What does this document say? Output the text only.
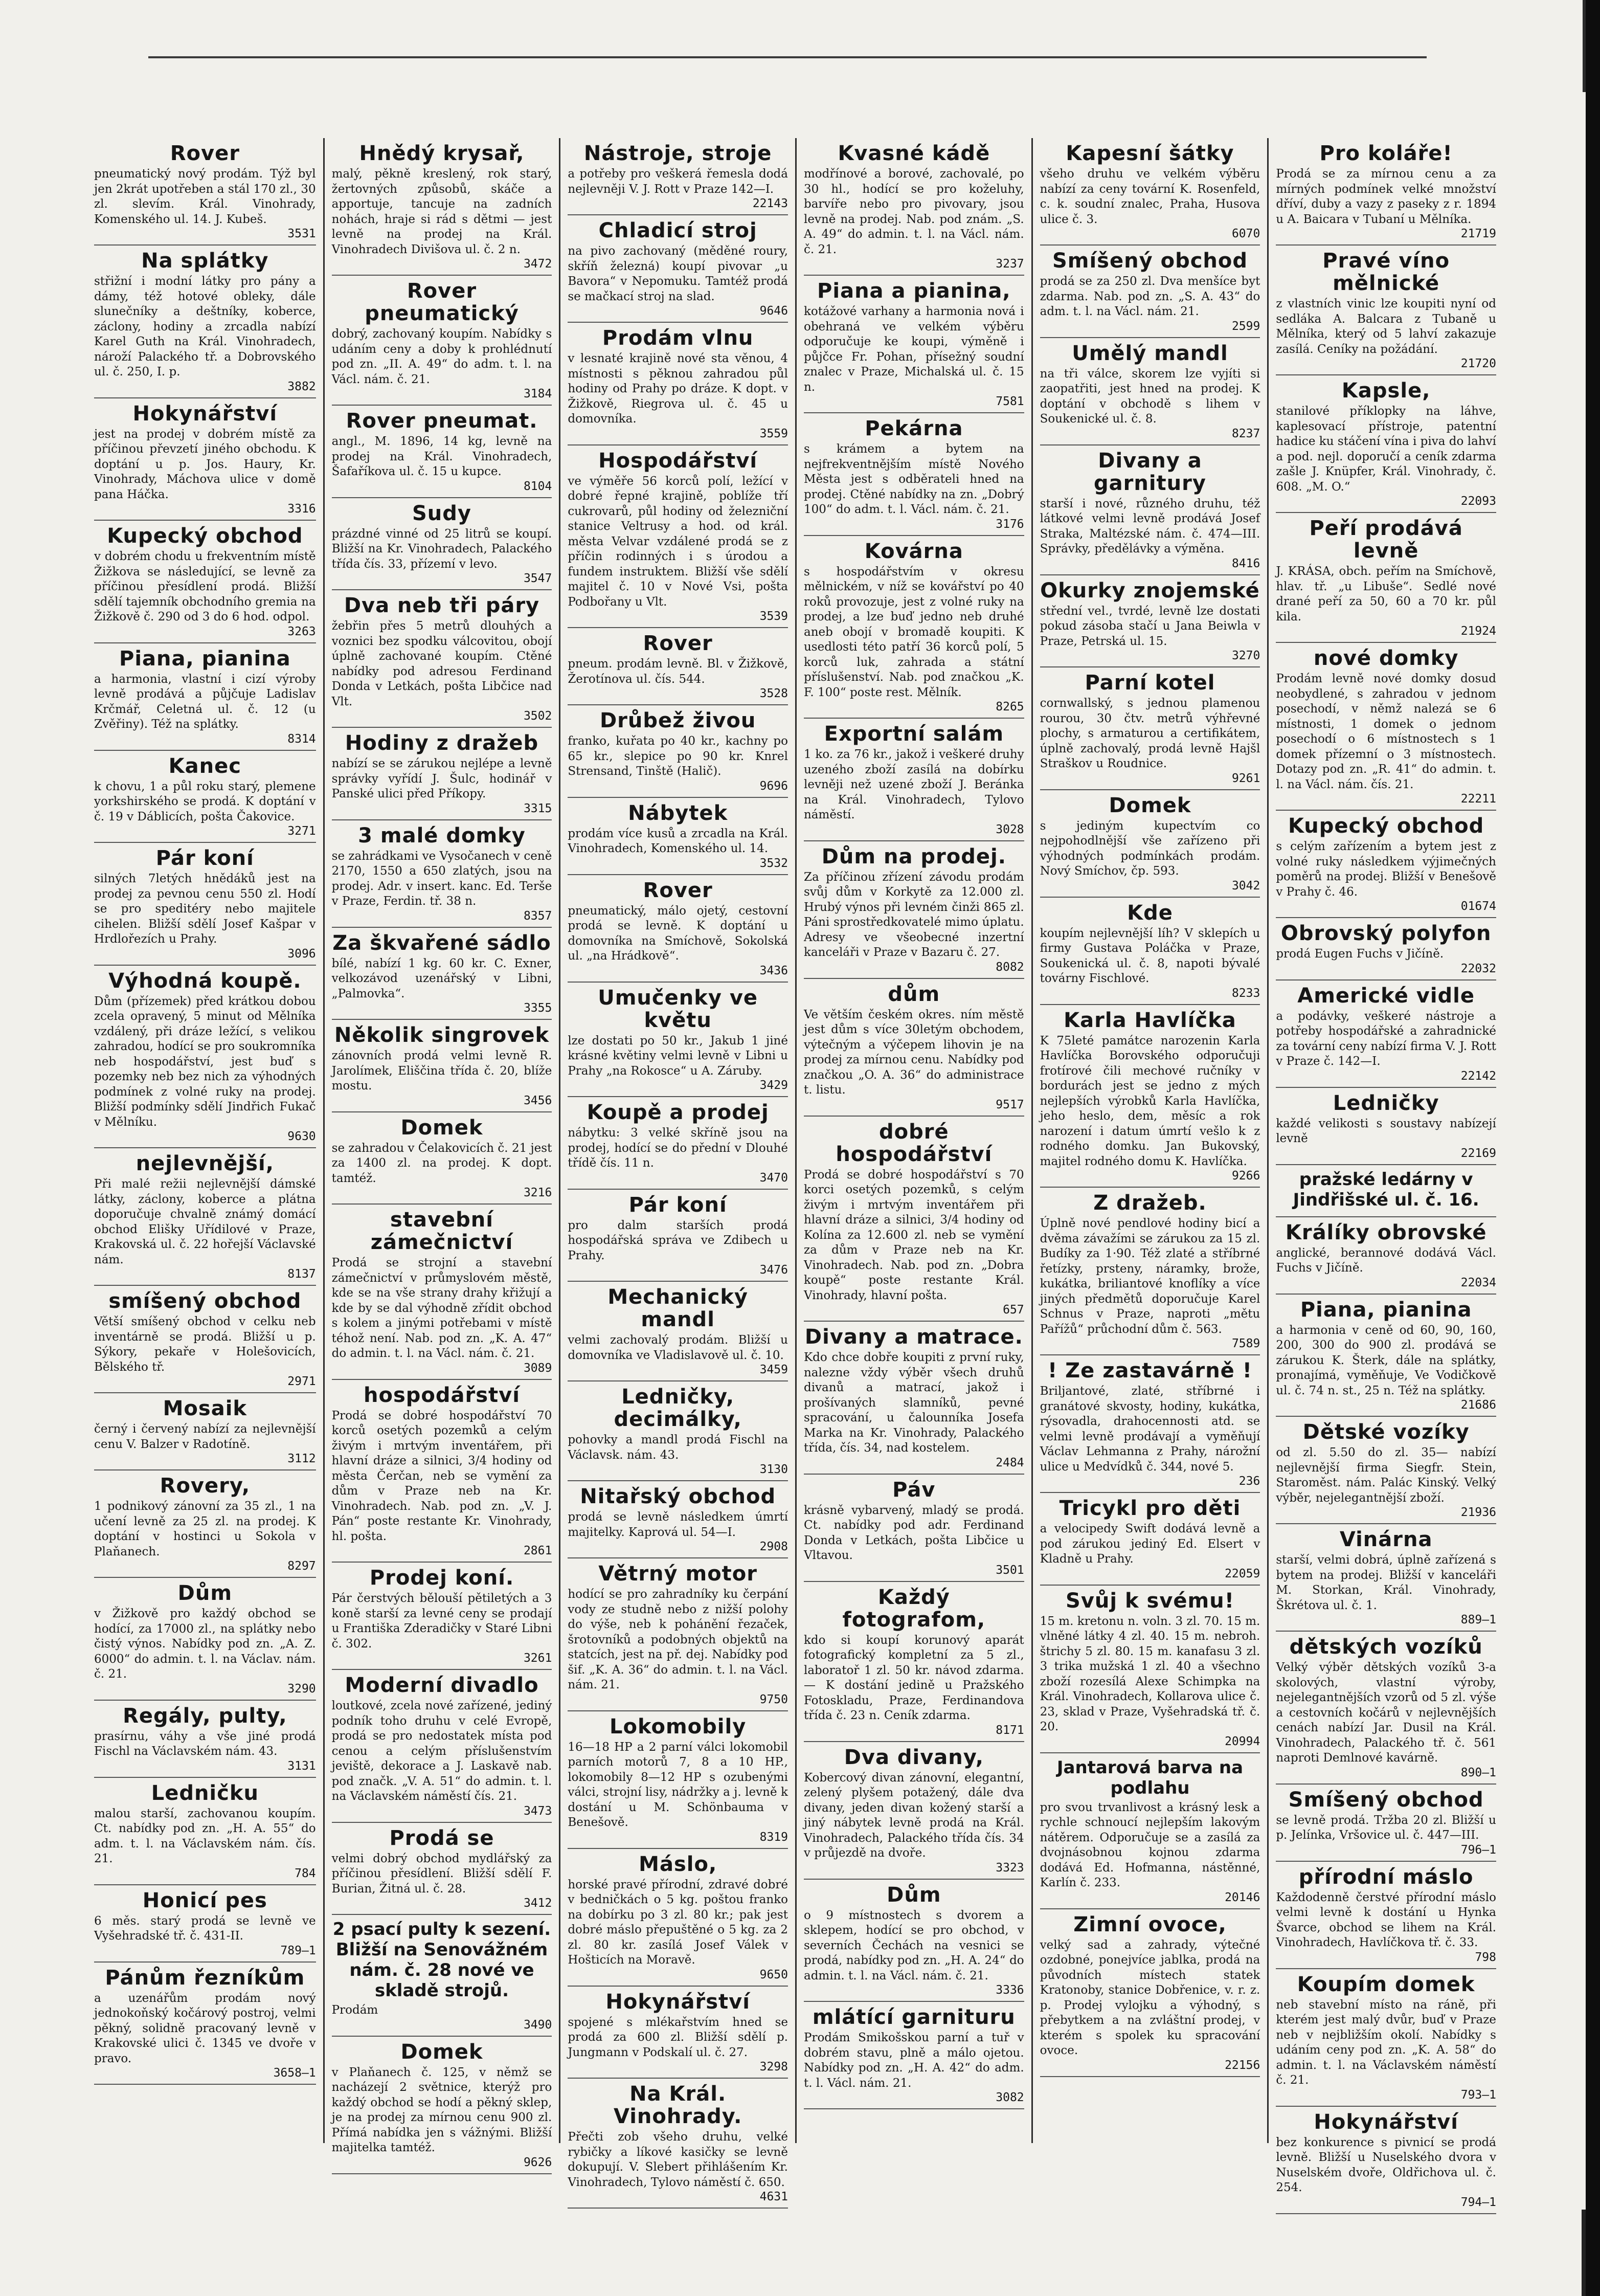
Rover

pneumatický nový prodám. Týž byl jen 2krát upotřeben a stál 170 zl., 30 zl. slevím. Král. Vinohrady, Komenského ul. 14. J. Kubeš.

3531
Na splátky

střižní i modní látky pro pány a dámy, též hotové obleky, dále slunečníky a deštníky, koberce, záclony, hodiny a zrcadla nabízí Karel Guth na Král. Vinohradech, nároží Palackého tř. a Dobrovského ul. č. 250, I. p.

3882
Hokynářství

jest na prodej v dobrém místě za příčinou převzetí jiného obchodu. K doptání u p. Jos. Haury, Kr. Vinohrady, Máchova ulice v domě pana Háčka.

3316
Kupecký obchod

v dobrém chodu u frekventním místě Žižkova se následující, se levně za příčinou přesídlení prodá. Bližší sdělí tajemník obchodního gremia na Žižkově č. 290 od 3 do 6 hod. odpol.

3263
Piana, pianina

a harmonia, vlastní i cizí výroby levně prodává a půjčuje Ladislav Krčmář, Celetná ul. č. 12 (u Zvěřiny). Též na splátky.

8314
Kanec

k chovu, 1 a půl roku starý, plemene yorkshirského se prodá. K doptání v č. 19 v Dáblicích, pošta Čakovice.

3271
Pár koní

silných 7letých hnědáků jest na prodej za pevnou cenu 550 zl. Hodí se pro speditéry nebo majitele cihelen. Bližší sdělí Josef Kašpar v Hrdlořezích u Prahy.

3096
Výhodná koupě.

Dům (přízemek) před krátkou dobou zcela opravený, 5 minut od Mělníka vzdálený, při dráze ležící, s velikou zahradou, hodící se pro soukromníka neb hospodářství, jest buď s pozemky neb bez nich za výhodných podmínek z volné ruky na prodej. Bližší podmínky sdělí Jindřich Fukač v Mělníku.

9630
nejlevnější,

Při malé režii nejlevnější dámské látky, záclony, koberce a plátna doporučuje chvalně známý domácí obchod Elišky Uřídilové v Praze, Krakovská ul. č. 22 hořejší Václavské nám.

8137
smíšený obchod

Větší smíšený obchod v celku neb inventárně se prodá. Bližší u p. Sýkory, pekaře v Holešovicích, Bělského tř.

2971
Mosaik

černý i červený nabízí za nejlevnější cenu V. Balzer v Radotíně.

3112
Rovery,

1 podnikový zánovní za 35 zl., 1 na učení levně za 25 zl. na prodej. K doptání v hostinci u Sokola v Plaňanech.

8297
Dům

v Žižkově pro každý obchod se hodící, za 17000 zl., na splátky nebo čistý výnos. Nabídky pod zn. „A. Z. 6000“ do admin. t. l. na Václav. nám. č. 21.

3290
Regály, pulty,

prasírnu, váhy a vše jiné prodá Fischl na Václavském nám. 43.

3131
Ledničku

malou starší, zachovanou koupím. Ct. nabídky pod zn. „H. A. 55“ do adm. t. l. na Václavském nám. čís. 21.

784
Honicí pes

6 měs. starý prodá se levně ve Vyšehradské tř. č. 431-II.

789—1
Pánům řezníkům

a uzenářům prodám nový jednokoňský kočárový postroj, velmi pěkný, solidně pracovaný levně v Krakovské ulici č. 1345 ve dvoře v pravo.

3658—1
Hnědý krysař,

malý, pěkně kreslený, rok starý, žertovných způsobů, skáče a apportuje, tancuje na zadních nohách, hraje si rád s dětmi — jest levně na prodej na Král. Vinohradech Divišova ul. č. 2 n.

3472
Rover pneumatický

dobrý, zachovaný koupím. Nabídky s udáním ceny a doby k prohlédnutí pod zn. „II. A. 49“ do adm. t. l. na Václ. nám. č. 21.

3184
Rover pneumat.

angl., M. 1896, 14 kg, levně na prodej na Král. Vinohradech, Šafaříkova ul. č. 15 u kupce.

8104
Sudy

prázdné vinné od 25 litrů se koupí. Bližší na Kr. Vinohradech, Palackého třída čís. 33, přízemí v levo.

3547
Dva neb tři páry

žebřin přes 5 metrů dlouhých a voznici bez spodku válcovitou, obojí úplně zachované koupím. Ctěné nabídky pod adresou Ferdinand Donda v Letkách, pošta Libčice nad Vlt.

3502
Hodiny z dražeb

nabízí se se zárukou nejlépe a levně správky vyřídí J. Šulc, hodinář v Panské ulici před Příkopy.

3315
3 malé domky

se zahrádkami ve Vysočanech v ceně 2170, 1550 a 650 zlatých, jsou na prodej. Adr. v insert. kanc. Ed. Terše v Praze, Ferdin. tř. 38 n.

8357
Za škvařené sádlo

bílé, nabízí 1 kg. 60 kr. C. Exner, velkozávod uzenářský v Libni, „Palmovka“.

3355
Několik singrovek

zánovních prodá velmi levně R. Jarolímek, Eliščina třída č. 20, blíže mostu.

3456
Domek

se zahradou v Čelakovicích č. 21 jest za 1400 zl. na prodej. K dopt. tamtéž.

3216
stavební zámečnictví

Prodá se strojní a stavební zámečnictví v průmyslovém městě, kde se na vše strany drahy křižují a kde by se dal výhodně zřídit obchod s kolem a jinými potřebami v místě téhož není. Nab. pod zn. „K. A. 47“ do admin. t. l. na Václ. nám. č. 21.

3089
hospodářství

Prodá se dobré hospodářství 70 korců osetých pozemků a celým živým i mrtvým inventářem, při hlavní dráze a silnici, 3/4 hodiny od města Čerčan, neb se vymění za dům v Praze neb na Kr. Vinohradech. Nab. pod zn. „V. J. Pán“ poste restante Kr. Vinohrady, hl. pošta.

2861
Prodej koní.

Pár čerstvých bělouší pětiletých a 3 koně starší za levné ceny se prodají u Františka Zderadičky v Staré Libni č. 302.

3261
Moderní divadlo

loutkové, zcela nové zařízené, jediný podník toho druhu v celé Evropě, prodá se pro nedostatek místa pod cenou a celým příslušenstvím jeviště, dekorace a J. Laskavě nab. pod značk. „V. A. 51“ do admin. t. l. na Václavském náměstí čís. 21.

3473
Prodá se

velmi dobrý obchod mydlářský za příčinou přesídlení. Bližší sdělí F. Burian, Žitná ul. č. 28.

3412
2 psací pulty k sezení. Bližší na Senovážném nám. č. 28 nové ve skladě strojů.

Prodám

3490
Domek

v Plaňanech č. 125, v němž se nacházejí 2 světnice, kterýž pro každý obchod se hodí a pěkný sklep, je na prodej za mírnou cenu 900 zl. Přímá nabídka jen s vážnými. Bližší majitelka tamtéž.

9626
Nástroje, stroje

a potřeby pro veškerá řemesla dodá nejlevněji V. J. Rott v Praze 142—I.

22143
Chladicí stroj

na pivo zachovaný (měděné roury, skříň železná) koupí pivovar „u Bavora“ v Nepomuku. Tamtéž prodá se mačkací stroj na slad.

9646
Prodám vlnu

v lesnaté krajině nové sta věnou, 4 místnosti s pěknou zahradou půl hodiny od Prahy po dráze. K dopt. v Žižkově, Riegrova ul. č. 45 u domovníka.

3559
Hospodářství

ve výměře 56 korců polí, ležící v dobré řepné krajině, poblíže tří cukrovarů, půl hodiny od železniční stanice Veltrusy a hod. od král. města Velvar vzdálené prodá se z příčin rodinných i s úrodou a fundem instruktem. Bližší vše sdělí majitel č. 10 v Nové Vsi, pošta Podbořany u Vlt.

3539
Rover

pneum. prodám levně. Bl. v Žižkově, Žerotínova ul. čís. 544.

3528
Drůbež živou

franko, kuřata po 40 kr., kachny po 65 kr., slepice po 90 kr. Knrel Strensand, Tinště (Halič).

9696
Nábytek

prodám více kusů a zrcadla na Král. Vinohradech, Komenského ul. 14.

3532
Rover

pneumatický, málo ojetý, cestovní prodá se levně. K doptání u domovníka na Smíchově, Sokolská ul. „na Hrádkově“.

3436
Umučenky ve květu

lze dostati po 50 kr., Jakub 1 jiné krásné květiny velmi levně v Libni u Prahy „na Rokosce“ u A. Záruby.

3429
Koupě a prodej

nábytku: 3 velké skříně jsou na prodej, hodící se do přední v Dlouhé třídě čís. 11 n.

3470
Pár koní

pro dalm starších prodá hospodářská správa ve Zdibech u Prahy.

3476
Mechanický mandl

velmi zachovalý prodám. Bližší u domovníka ve Vladislavově ul. č. 10.

3459
Ledničky, decimálky,

pohovky a mandl prodá Fischl na Václavsk. nám. 43.

3130
Nitařský obchod

prodá se levně následkem úmrtí majitelky. Kaprová ul. 54—I.

2908
Větrný motor

hodící se pro zahradníky ku čerpání vody ze studně nebo z nižší polohy do výše, neb k pohánění řezaček, šrotovníků a podobných objektů na statcích, jest na př. dej. Nabídky pod šif. „K. A. 36“ do admin. t. l. na Václ. nám. 21.

9750
Lokomobily

16—18 HP a 2 parní válci lokomobil parních motorů 7, 8 a 10 HP., lokomobily 8—12 HP s ozubenými válci, strojní lisy, nádržky a j. levně k dostání u M. Schönbauma v Benešově.

8319
Máslo,

horské pravé přírodní, zdravé dobré v bedničkách o 5 kg. poštou franko na dobírku po 3 zl. 80 kr.; pak jest dobré máslo přepuštěné o 5 kg. za 2 zl. 80 kr. zasílá Josef Válek v Hošticích na Moravě.

9650
Hokynářství

spojené s mlékařstvím hned se prodá za 600 zl. Bližší sdělí p. Jungmann v Podskalí ul. č. 27.

3298
Na Král. Vinohrady.

Přečti zob všeho druhu, velké rybičky a líkové kasičky se levně dokupují. V. Slebert přihlášením Kr. Vinohradech, Tylovo náměstí č. 650.

4631
Kvasné kádě

modřínové a borové, zachovalé, po 30 hl., hodící se pro koželuhy, barvíře nebo pro pivovary, jsou levně na prodej. Nab. pod znám. „S. A. 49“ do admin. t. l. na Václ. nám. č. 21.

3237
Piana a pianina,

kotážové varhany a harmonia nová i obehraná ve velkém výběru odporučuje ke koupi, výměně i půjčce Fr. Pohan, přísežný soudní znalec v Praze, Michalská ul. č. 15 n.

7581
Pekárna

s krámem a bytem na nejfrekventnějším místě Nového Města jest s odběrateli hned na prodej. Ctěné nabídky na zn. „Dobrý 100“ do adm. t. l. Václ. nám. č. 21.

3176
Kovárna

s hospodářstvím v okresu mělnickém, v níž se kovářství po 40 roků provozuje, jest z volné ruky na prodej, a lze buď jedno neb druhé aneb obojí v bromadě koupiti. K usedlosti této patří 36 korců polí, 5 korců luk, zahrada a státní příslušenství. Nab. pod značkou „K. F. 100“ poste rest. Mělník.

8265
Exportní salám

1 ko. za 76 kr., jakož i veškeré druhy uzeného zboží zasílá na dobírku levněji než uzené zboží J. Beránka na Král. Vinohradech, Tylovo náměstí.

3028
Dům na prodej.

Za příčinou zřízení závodu prodám svůj dům v Korkytě za 12.000 zl. Hrubý výnos při levném činži 865 zl. Páni sprostředkovatelé mimo úplatu. Adresy ve všeobecné inzertní kanceláři v Praze v Bazaru č. 27.

8082
dům

Ve větším českém okres. ním městě jest dům s více 30letým obchodem, výtečným a výčepem lihovin je na prodej za mírnou cenu. Nabídky pod značkou „O. A. 36“ do administrace t. listu.

9517
dobré hospodářství

Prodá se dobré hospodářství s 70 korci osetých pozemků, s celým živým i mrtvým inventářem při hlavní dráze a silnici, 3/4 hodiny od Kolína za 12.600 zl. neb se vymění za dům v Praze neb na Kr. Vinohradech. Nab. pod zn. „Dobra koupě“ poste restante Král. Vinohrady, hlavní pošta.

657
Divany a matrace.

Kdo chce dobře koupiti z první ruky, nalezne vždy výběr všech druhů divanů a matrací, jakož i prošívaných slamníků, pevné spracování, u čalounníka Josefa Marka na Kr. Vinohrady, Palackého třída, čís. 34, nad kostelem.

2484
Páv

krásně vybarvený, mladý se prodá. Ct. nabídky pod adr. Ferdinand Donda v Letkách, pošta Libčice u Vltavou.

3501
Každý fotografom,

kdo si koupí korunový aparát fotografický kompletní za 5 zl., laboratoř 1 zl. 50 kr. návod zdarma. — K dostání jedině u Pražského Fotoskladu, Praze, Ferdinandova třída č. 23 n. Ceník zdarma.

8171
Dva divany,

Kobercový divan zánovní, elegantní, zelený plyšem potažený, dále dva divany, jeden divan kožený starší a jiný nábytek levně prodá na Král. Vinohradech, Palackého třída čís. 34 v průjezdě na dvoře.

3323
Dům

o 9 místnostech s dvorem a sklepem, hodící se pro obchod, v severních Čechách na vesnici se prodá, nabídky pod zn. „H. A. 24“ do admin. t. l. na Václ. nám. č. 21.

3336
mlátící garnituru

Prodám Smikošskou parní a tuř v dobrém stavu, plně a málo ojetou. Nabídky pod zn. „H. A. 42“ do adm. t. l. Václ. nám. 21.

3082
Kapesní šátky

všeho druhu ve velkém výběru nabízí za ceny tovární K. Rosenfeld, c. k. soudní znalec, Praha, Husova ulice č. 3.

6070
Smíšený obchod

prodá se za 250 zl. Dva menšíce byt zdarma. Nab. pod zn. „S. A. 43“ do adm. t. l. na Václ. nám. 21.

2599
Umělý mandl

na tři válce, skorem lze vyjíti si zaopatřiti, jest hned na prodej. K doptání v obchodě s lihem v Soukenické ul. č. 8.

8237
Divany a garnitury

starší i nové, různého druhu, též látkové velmi levně prodává Josef Straka, Maltézské nám. č. 474—III. Správky, předělávky a výměna.

8416
Okurky znojemské

střední vel., tvrdé, levně lze dostati pokud zásoba stačí u Jana Beiwla v Praze, Petrská ul. 15.

3270
Parní kotel

cornwallský, s jednou plamenou rourou, 30 čtv. metrů výhřevné plochy, s armaturou a certifikátem, úplně zachovalý, prodá levně Hajšl Straškov u Roudnice.

9261
Domek

s jediným kupectvím co nejpohodlnější vše zařízeno při výhodných podmínkách prodám. Nový Smíchov, čp. 593.

3042
Kde

koupím nejlevnější líh? V sklepích u firmy Gustava Poláčka v Praze, Soukenická ul. č. 8, napoti bývalé továrny Fischlové.

8233
Karla Havlíčka

K 75leté památce narozenin Karla Havlíčka Borovského odporučuji frotírové čili mechové ručníky v bordurách jest se jedno z mých nejlepších výrobků Karla Havlíčka, jeho heslo, dem, měsíc a rok narození i datum úmrtí vešlo k z rodného domku. Jan Bukovský, majitel rodného domu K. Havlíčka.

9266
Z dražeb.

Úplně nové pendlové hodiny bicí a dvěma závažími se zárukou za 15 zl. Budíky za 1·90. Též zlaté a stříbrné řetízky, prsteny, náramky, brože, kukátka, briliantové knoflíky a více jiných předmětů doporučuje Karel Schnus v Praze, naproti „mětu Pařížů“ průchodní dům č. 563.

7589
! Ze zastavárně !

Briljantové, zlaté, stříbrné i granátové skvosty, hodiny, kukátka, rýsovadla, drahocennosti atd. se velmi levně prodávají a vyměňují Václav Lehmanna z Prahy, nárožní ulice u Medvídků č. 344, nové 5.

236
Tricykl pro děti

a velocipedy Swift dodává levně a pod zárukou jediný Ed. Elsert v Kladně u Prahy.

22059
Svůj k svému!

15 m. kretonu n. voln. 3 zl. 70. 15 m. vlněné látky 4 zl. 40. 15 m. nebroh. štrichy 5 zl. 80. 15 m. kanafasu 3 zl. 3 trika mužská 1 zl. 40 a všechno zboží rozesílá Alexe Schimpka na Král. Vinohradech, Kollarova ulice č. 23, sklad v Praze, Vyšehradská tř. č. 20.

20994
Jantarová barva na podlahu

pro svou trvanlivost a krásný lesk a rychle schnoucí nejlepším lakovým nátěrem. Odporučuje se a zasílá za dvojnásobnou kojnou zdarma dodává Ed. Hofmanna, nástěnné, Karlín č. 233.

20146
Zimní ovoce,

velký sad a zahrady, výtečné ozdobné, ponejvíce jablka, prodá na původních místech statek Kratonoby, stanice Dobřenice, v. r. z. p. Prodej vylojku a výhodný, s přebytkem a na zvláštní prodej, v kterém s spolek ku spracování ovoce.

22156
Pro koláře!

Prodá se za mírnou cenu a za mírných podmínek velké množství dříví, duby a vazy z paseky z r. 1894 u A. Baicara v Tubaní u Mělníka.

21719
Pravé víno mělnické

z vlastních vinic lze koupiti nyní od sedláka A. Balcara z Tubaně u Mělníka, který od 5 lahví zakazuje zasílá. Ceníky na požádání.

21720
Kapsle,

stanilové příklopky na láhve, kaplesovací přístroje, patentní hadice ku stáčení vína i piva do lahví a pod. nejl. doporučí a ceník zdarma zašle J. Knüpfer, Král. Vinohrady, č. 608. „M. O.“

22093
Peří prodává levně

J. KRÁSA, obch. peřím na Smíchově, hlav. tř. „u Libuše“. Sedlé nové drané peří za 50, 60 a 70 kr. půl kila.

21924
nové domky

Prodám levně nové domky dosud neobydlené, s zahradou v jednom posechodí, v němž nalezá se 6 místnosti, 1 domek o jednom posechodí o 6 místnostech s 1 domek přízemní o 3 místnostech. Dotazy pod zn. „R. 41“ do admin. t. l. na Václ. nám. čís. 21.

22211
Kupecký obchod

s celým zařízením a bytem jest z volné ruky následkem výjimečných poměrů na prodej. Bližší v Benešově v Prahy č. 46.

01674
Obrovský polyfon

prodá Eugen Fuchs v Jičíně.

22032
Americké vidle

a podávky, veškeré nástroje a potřeby hospodářské a zahradnické za tovární ceny nabízí firma V. J. Rott v Praze č. 142—I.

22142
Ledničky

každé velikosti s soustavy nabízejí levně

22169
pražské ledárny v Jindřišské ul. č. 16.

Králíky obrovské

anglické, berannové dodává Václ. Fuchs v Jičíně.

22034
Piana, pianina

a harmonia v ceně od 60, 90, 160, 200, 300 do 900 zl. prodává se zárukou K. Šterk, dále na splátky, pronajímá, vyměňuje, Ve Vodičkově ul. č. 74 n. st., 25 n. Též na splátky.

21686
Dětské vozíky

od zl. 5.50 do zl. 35— nabízí nejlevnější firma Siegfr. Stein, Staroměst. nám. Palác Kinský. Velký výběr, nejelegantnější zboží.

21936
Vinárna

starší, velmi dobrá, úplně zařízená s bytem na prodej. Bližší v kanceláři M. Storkan, Král. Vinohrady, Škrétova ul. č. 1.

889—1
dětských vozíků

Velký výběr dětských vozíků 3-a skolových, vlastní výroby, nejelegantnějších vzorů od 5 zl. výše a cestovních kočárů v nejlevnějších cenách nabízí Jar. Dusil na Král. Vinohradech, Palackého tř. č. 561 naproti Demlnové kavárně.

890—1
Smíšený obchod

se levně prodá. Tržba 20 zl. Bližší u p. Jelínka, Vršovice ul. č. 447—III.

796—1
přírodní máslo

Každodenně čerstvé přírodní máslo velmi levně k dostání u Hynka Švarce, obchod se lihem na Král. Vinohradech, Havlíčkova tř. č. 33.

798
Koupím domek

neb stavební místo na ráně, při kterém jest malý dvůr, buď v Praze neb v nejbližším okolí. Nabídky s udáním ceny pod zn. „K. A. 58“ do admin. t. l. na Václavském náměstí č. 21.

793—1
Hokynářství

bez konkurence s pivnicí se prodá levně. Bližší u Nuselského dvora v Nuselském dvoře, Oldřichova ul. č. 254.

794—1
